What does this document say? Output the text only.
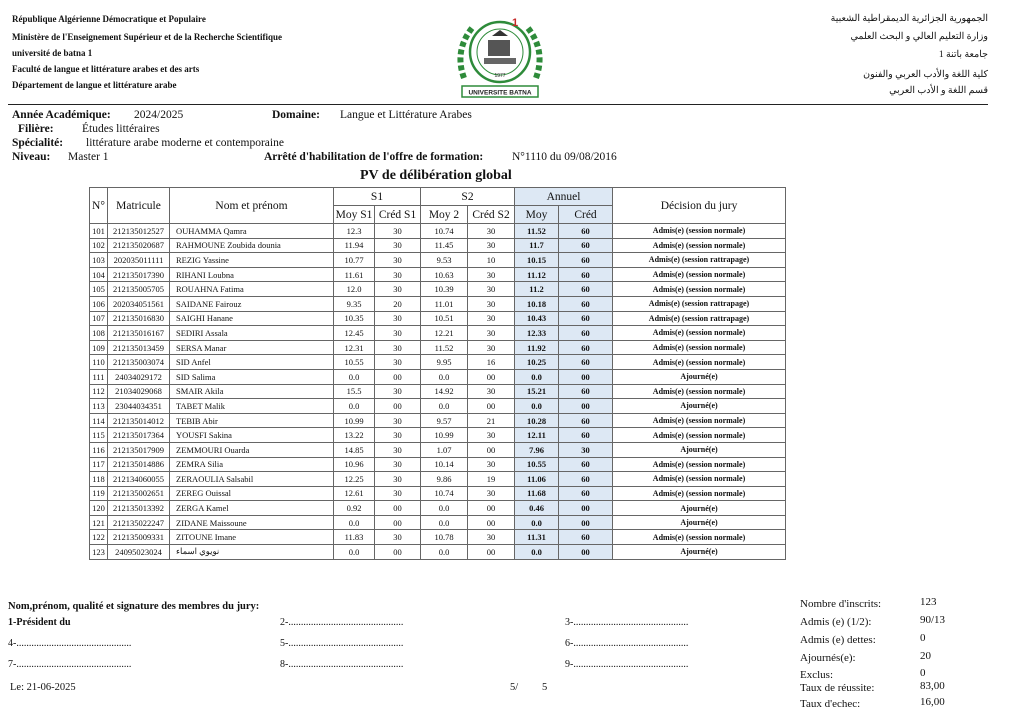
République Algérienne Démocratique et Populaire
Ministère de l'Enseignement Supérieur et de la Recherche Scientifique
université de batna 1
Faculté de langue et littérature arabes et des arts
Département de langue et littérature arabe
1
1977
UNIVERSITE BATNA
الجمهورية الجزائرية الديمقراطية الشعبية
وزارة التعليم العالي و البحث العلمي
جامعة باتنة 1
كلية اللغة والأدب العربي والفنون
قسم اللغة و الأدب العربي
Année Académique: 2024/2025	Domaine: Langue et Littérature Arabes
Filière: Études littéraires
Spécialité: littérature arabe moderne et contemporaine
Niveau: Master 1	Arrêté d'habilitation de l'offre de formation:	N°1110 du 09/08/2016
PV de délibération global
N°	Matricule	Nom et prénom	S1		S2		Annuel		Décision du jury
			Moy S1	Créd S1	Moy 2	Créd S2	Moy	Créd	
101	212135012527	OUHAMMA Qamra	12.3	30	10.74	30	11.52	60	Admis(e) (session normale)
102	212135020687	RAHMOUNE Zoubida dounia	11.94	30	11.45	30	11.7	60	Admis(e) (session normale)
103	202035011111	REZIG Yassine	10.77	30	9.53	10	10.15	60	Admis(e) (session rattrapage)
104	212135017390	RIHANI Loubna	11.61	30	10.63	30	11.12	60	Admis(e) (session normale)
105	212135005705	ROUAHNA Fatima	12.0	30	10.39	30	11.2	60	Admis(e) (session normale)
106	202034051561	SAIDANE Fairouz	9.35	20	11.01	30	10.18	60	Admis(e) (session rattrapage)
107	212135016830	SAIGHI Hanane	10.35	30	10.51	30	10.43	60	Admis(e) (session rattrapage)
108	212135016167	SEDIRI Assala	12.45	30	12.21	30	12.33	60	Admis(e) (session normale)
109	212135013459	SERSA Manar	12.31	30	11.52	30	11.92	60	Admis(e) (session normale)
110	212135003074	SID Anfel	10.55	30	9.95	16	10.25	60	Admis(e) (session normale)
111	24034029172	SID Salima	0.0	00	0.0	00	0.0	00	Ajourné(e)
112	21034029068	SMAIR Akila	15.5	30	14.92	30	15.21	60	Admis(e) (session normale)
113	23044034351	TABET Malik	0.0	00	0.0	00	0.0	00	Ajourné(e)
114	212135014012	TEBIB Abir	10.99	30	9.57	21	10.28	60	Admis(e) (session normale)
115	212135017364	YOUSFI Sakina	13.22	30	10.99	30	12.11	60	Admis(e) (session normale)
116	212135017909	ZEMMOURI Ouarda	14.85	30	1.07	00	7.96	30	Ajourné(e)
117	212135014886	ZEMRA Silia	10.96	30	10.14	30	10.55	60	Admis(e) (session normale)
118	212134060055	ZERAOULIA Salsabil	12.25	30	9.86	19	11.06	60	Admis(e) (session normale)
119	212135002651	ZEREG Ouissal	12.61	30	10.74	30	11.68	60	Admis(e) (session normale)
120	212135013392	ZERGA Kamel	0.92	00	0.0	00	0.46	00	Ajourné(e)
121	212135022247	ZIDANE Maissoune	0.0	00	0.0	00	0.0	00	Ajourné(e)
122	212135009331	ZITOUNE Imane	11.83	30	10.78	30	11.31	60	Admis(e) (session normale)
123	24095023024	نويوي اسماء	0.0	00	0.0	00	0.0	00	Ajourné(e)
Nom,prénom, qualité et signature des membres du jury:
1-Président du	2-..............................................	3-..............................................
4-..............................................	5-..............................................	6-..............................................
7-..............................................	8-..............................................	9-..............................................
Le: 21-06-2025	5/ 5
Nombre d'inscrits:	123
Admis (e) (1/2):	90/13
Admis (e) dettes:	0
Ajournés(e):	20
Exclus:	0
Taux de réussite:	83,00
Taux d'echec:	16,00
